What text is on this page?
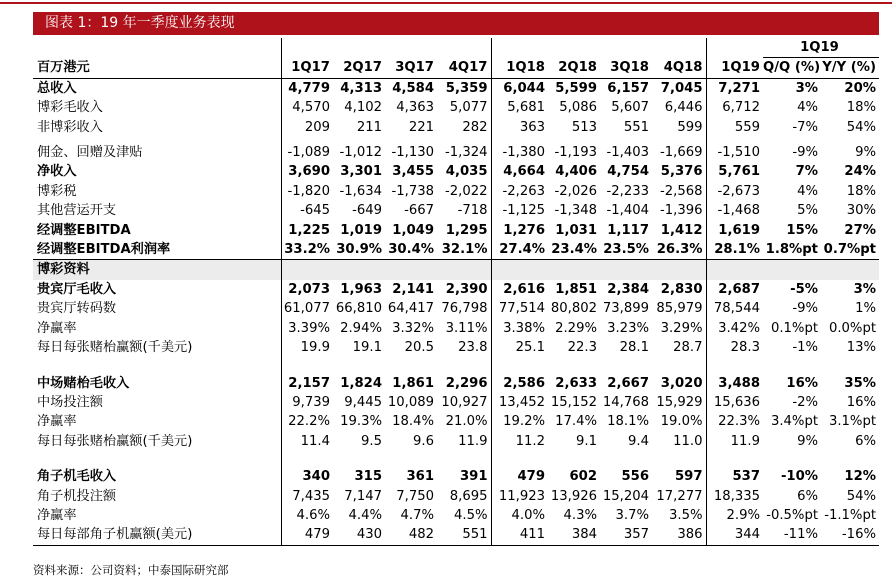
图表 1：19 年一季度业务表现
										1Q19	
百万港元	1Q17	2Q17	3Q17	4Q17	1Q18	2Q18	3Q18	4Q18	1Q19	Q/Q (%)	Y/Y (%)
总收入	4,779	4,313	4,584	5,359	6,044	5,599	6,157	7,045	7,271	3%	20%
博彩毛收入	4,570	4,102	4,363	5,077	5,681	5,086	5,607	6,446	6,712	4%	18%
非博彩收入	209	211	221	282	363	513	551	599	559	-7%	54%

佣金、回赠及津贴	-1,089	-1,012	-1,130	-1,324	-1,380	-1,193	-1,403	-1,669	-1,510	-9%	9%
净收入	3,690	3,301	3,455	4,035	4,664	4,406	4,754	5,376	5,761	7%	24%
博彩税	-1,820	-1,634	-1,738	-2,022	-2,263	-2,026	-2,233	-2,568	-2,673	4%	18%
其他营运开支	-645	-649	-667	-718	-1,125	-1,348	-1,404	-1,396	-1,468	5%	30%
经调整EBITDA	1,225	1,019	1,049	1,295	1,276	1,031	1,117	1,412	1,619	15%	27%
经调整EBITDA利润率	33.2%	30.9%	30.4%	32.1%	27.4%	23.4%	23.5%	26.3%	28.1%	1.8%pt	0.7%pt
博彩资料											
贵宾厅毛收入	2,073	1,963	2,141	2,390	2,616	1,851	2,384	2,830	2,687	-5%	3%
贵宾厅转码数	61,077	66,810	64,417	76,798	77,514	80,802	73,899	85,979	78,544	-9%	1%
净赢率	3.39%	2.94%	3.32%	3.11%	3.38%	2.29%	3.23%	3.29%	3.42%	0.1%pt	0.0%pt
每日每张赌枱赢额(千美元)	19.9	19.1	20.5	23.8	25.1	22.3	28.1	28.7	28.3	-1%	13%

中场赌枱毛收入	2,157	1,824	1,861	2,296	2,586	2,633	2,667	3,020	3,488	16%	35%
中场投注额	9,739	9,445	10,089	10,927	13,452	15,152	14,768	15,929	15,636	-2%	16%
净赢率	22.2%	19.3%	18.4%	21.0%	19.2%	17.4%	18.1%	19.0%	22.3%	3.4%pt	3.1%pt
每日每张赌枱赢额(千美元)	11.4	9.5	9.6	11.9	11.2	9.1	9.4	11.0	11.9	9%	6%

角子机毛收入	340	315	361	391	479	602	556	597	537	-10%	12%
角子机投注额	7,435	7,147	7,750	8,695	11,923	13,926	15,204	17,277	18,335	6%	54%
净赢率	4.6%	4.4%	4.7%	4.5%	4.0%	4.3%	3.7%	3.5%	2.9%	-0.5%pt	-1.1%pt
每日每部角子机赢额(美元)	479	430	482	551	411	384	357	386	344	-11%	-16%
资料来源：公司资料；中泰国际研究部
